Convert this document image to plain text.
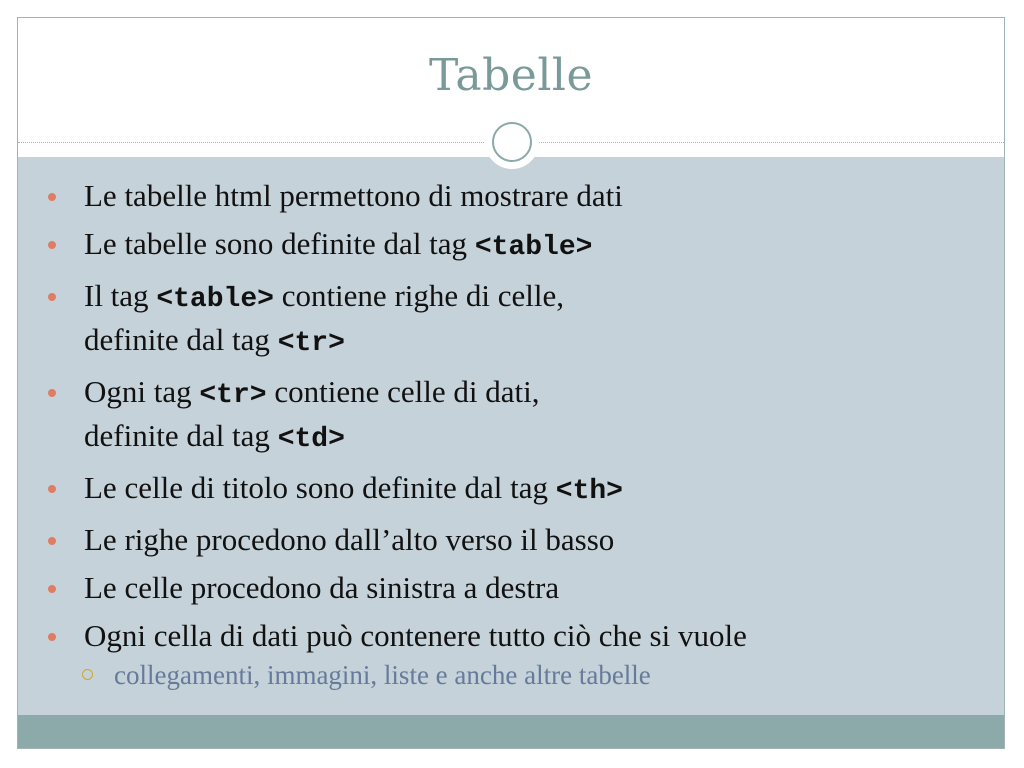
Tabelle
Le tabelle html permettono di mostrare dati
Le tabelle sono definite dal tag <table>
Il tag <table> contiene righe di celle,
definite dal tag <tr>
Ogni tag <tr> contiene celle di dati,
definite dal tag <td>
Le celle di titolo sono definite dal tag <th>
Le righe procedono dall’alto verso il basso
Le celle procedono da sinistra a destra
Ogni cella di dati può contenere tutto ciò che si vuole
collegamenti, immagini, liste e anche altre tabelle
